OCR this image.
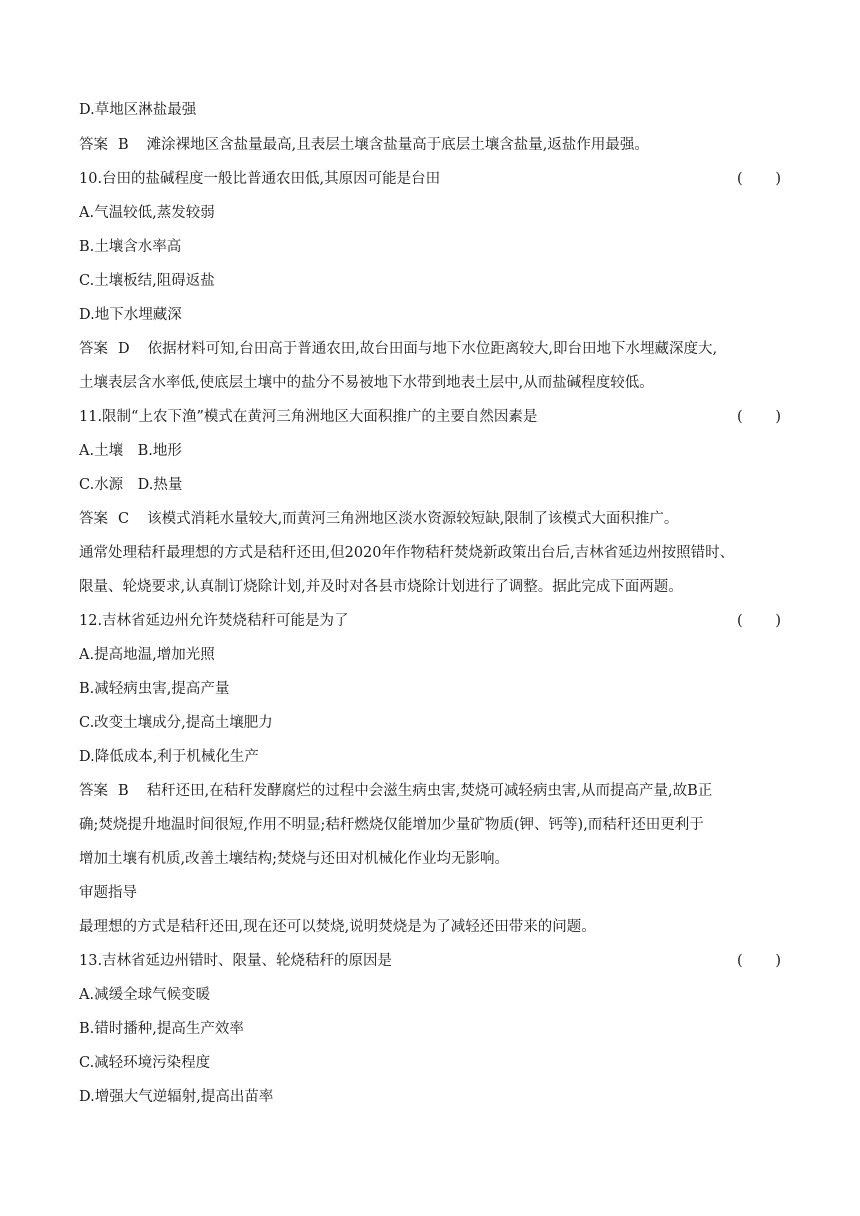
D.草地区淋盐最强
答案 B 滩涂裸地区含盐量最高,且表层土壤含盐量高于底层土壤含盐量,返盐作用最强。
10.台田的盐碱程度一般比普通农田低,其原因可能是台田	( )
A.气温较低,蒸发较弱
B.土壤含水率高
C.土壤板结,阻碍返盐
D.地下水埋藏深
答案 D 依据材料可知,台田高于普通农田,故台田面与地下水位距离较大,即台田地下水埋藏深度大,
土壤表层含水率低,使底层土壤中的盐分不易被地下水带到地表土层中,从而盐碱程度较低。
11.限制“上农下渔”模式在黄河三角洲地区大面积推广的主要自然因素是	( )
A.土壤　B.地形
C.水源　D.热量
答案 C 该模式消耗水量较大,而黄河三角洲地区淡水资源较短缺,限制了该模式大面积推广。
通常处理秸秆最理想的方式是秸秆还田,但2020年作物秸秆焚烧新政策出台后,吉林省延边州按照错时、
限量、轮烧要求,认真制订烧除计划,并及时对各县市烧除计划进行了调整。据此完成下面两题。
12.吉林省延边州允许焚烧秸秆可能是为了	( )
A.提高地温,增加光照
B.减轻病虫害,提高产量
C.改变土壤成分,提高土壤肥力
D.降低成本,利于机械化生产
答案 B 秸秆还田,在秸秆发酵腐烂的过程中会滋生病虫害,焚烧可减轻病虫害,从而提高产量,故B正
确;焚烧提升地温时间很短,作用不明显;秸秆燃烧仅能增加少量矿物质(钾、钙等),而秸秆还田更利于
增加土壤有机质,改善土壤结构;焚烧与还田对机械化作业均无影响。
审题指导
最理想的方式是秸秆还田,现在还可以焚烧,说明焚烧是为了减轻还田带来的问题。
13.吉林省延边州错时、限量、轮烧秸秆的原因是	( )
A.减缓全球气候变暖
B.错时播种,提高生产效率
C.减轻环境污染程度
D.增强大气逆辐射,提高出苗率
